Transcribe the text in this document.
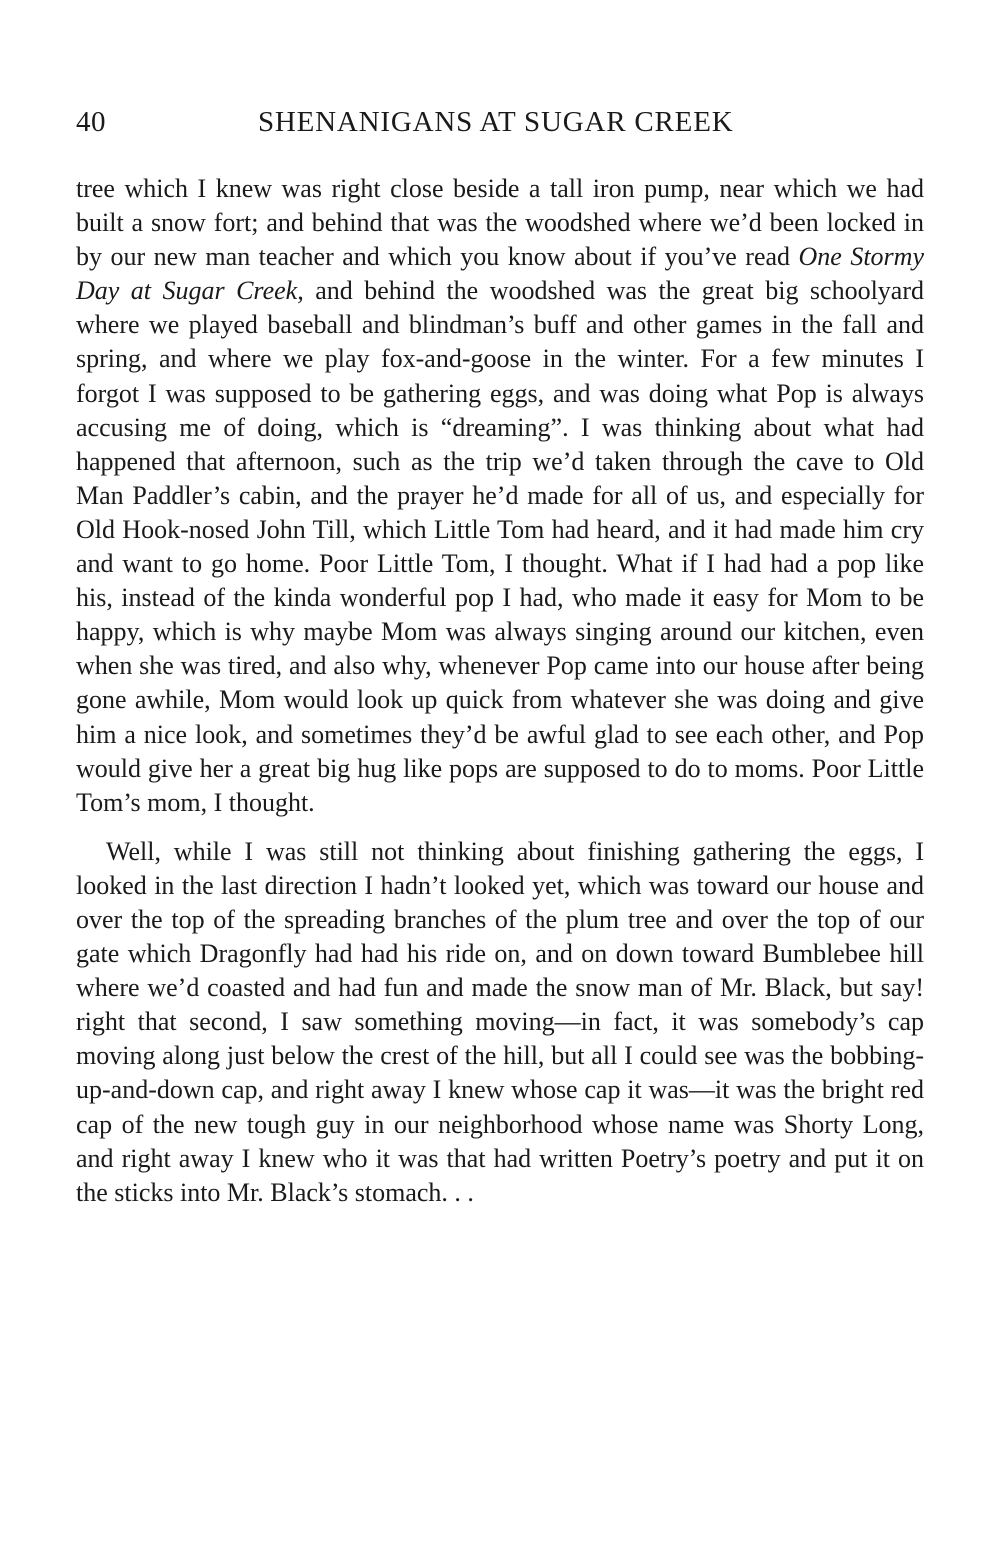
40	SHENANIGANS AT SUGAR CREEK

tree which I knew was right close beside a tall iron pump, near which we had built a snow fort; and behind that was the woodshed where we’d been locked in by our new man teacher and which you know about if you’ve read One Stormy Day at Sugar Creek, and behind the woodshed was the great big schoolyard where we played baseball and blindman’s buff and other games in the fall and spring, and where we play fox-and-goose in the winter. For a few minutes I forgot I was supposed to be gathering eggs, and was doing what Pop is always accusing me of doing, which is “dreaming”. I was thinking about what had happened that afternoon, such as the trip we’d taken through the cave to Old Man Paddler’s cabin, and the prayer he’d made for all of us, and especially for Old Hook-nosed John Till, which Little Tom had heard, and it had made him cry and want to go home. Poor Little Tom, I thought. What if I had had a pop like his, instead of the kinda wonderful pop I had, who made it easy for Mom to be happy, which is why maybe Mom was always singing around our kitchen, even when she was tired, and also why, whenever Pop came into our house after being gone awhile, Mom would look up quick from whatever she was doing and give him a nice look, and sometimes they’d be awful glad to see each other, and Pop would give her a great big hug like pops are supposed to do to moms. Poor Little Tom’s mom, I thought.

Well, while I was still not thinking about finishing gathering the eggs, I looked in the last direction I hadn’t looked yet, which was toward our house and over the top of the spreading branches of the plum tree and over the top of our gate which Dragonfly had had his ride on, and on down toward Bumblebee hill where we’d coasted and had fun and made the snow man of Mr. Black, but say! right that second, I saw something moving—in fact, it was somebody’s cap moving along just below the crest of the hill, but all I could see was the bobbing-up-and-down cap, and right away I knew whose cap it was—it was the bright red cap of the new tough guy in our neighborhood whose name was Shorty Long, and right away I knew who it was that had written Poetry’s poetry and put it on the sticks into Mr. Black’s stomach. . .
